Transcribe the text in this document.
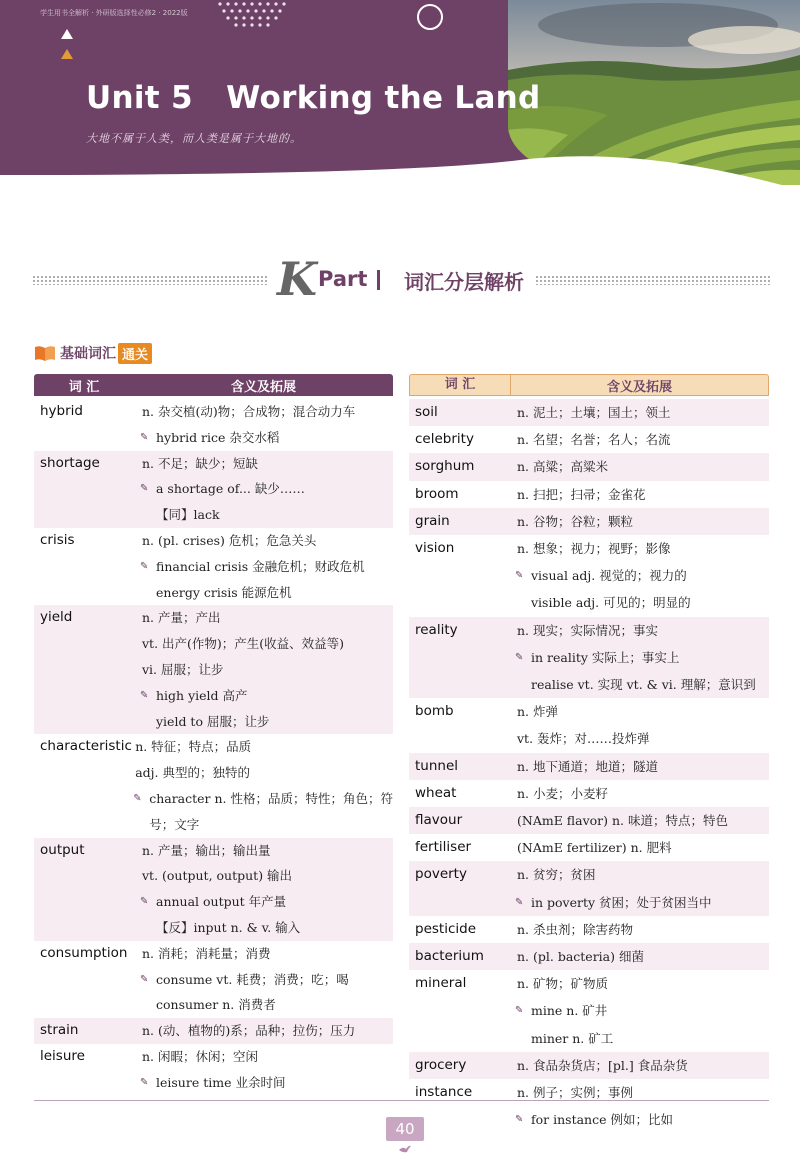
学生用书全解析 · 外研版选择性必修2 · 2022版
Unit 5   Working the Land
大地不属于人类，而人类是属于大地的。
K Part 词汇分层解析
基础词汇 通关
词 汇	含义及拓展
hybrid	n. 杂交植(动)物；合成物；混合动力车
✎ hybrid rice 杂交水稻
shortage	n. 不足；缺少；短缺
✎ a shortage of... 缺少……
【同】lack
crisis	n. (pl. crises) 危机；危急关头
✎ financial crisis 金融危机；财政危机
energy crisis 能源危机
yield	n. 产量；产出
vt. 出产(作物)；产生(收益、效益等)
vi. 屈服；让步
✎ high yield 高产
yield to 屈服；让步
characteristic n. 特征；特点；品质
adj. 典型的；独特的
✎ character n. 性格；品质；特性；角色；符
号；文字
output	n. 产量；输出；输出量
vt. (output, output) 输出
✎ annual output 年产量
【反】input n. & v. 输入
consumption	n. 消耗；消耗量；消费
✎ consume vt. 耗费；消费；吃；喝
consumer n. 消费者
strain	n. (动、植物的)系；品种；拉伤；压力
leisure	n. 闲暇；休闲；空闲
✎ leisure time 业余时间
词 汇	含义及拓展
soil	n. 泥土；土壤；国土；领土
celebrity	n. 名望；名誉；名人；名流
sorghum	n. 高粱；高粱米
broom	n. 扫把；扫帚；金雀花
grain	n. 谷物；谷粒；颗粒
vision	n. 想象；视力；视野；影像
✎ visual adj. 视觉的；视力的
visible adj. 可见的；明显的
reality	n. 现实；实际情况；事实
✎ in reality 实际上；事实上
realise vt. 实现 vt. & vi. 理解；意识到
bomb	n. 炸弹
vt. 轰炸；对……投炸弹
tunnel	n. 地下通道；地道；隧道
wheat	n. 小麦；小麦籽
flavour	(NAmE flavor) n. 味道；特点；特色
fertiliser	(NAmE fertilizer) n. 肥料
poverty	n. 贫穷；贫困
✎ in poverty 贫困；处于贫困当中
pesticide	n. 杀虫剂；除害药物
bacterium	n. (pl. bacteria) 细菌
mineral	n. 矿物；矿物质
✎ mine n. 矿井
miner n. 矿工
grocery	n. 食品杂货店；[pl.] 食品杂货
instance	n. 例子；实例；事例
✎ for instance 例如；比如
40
